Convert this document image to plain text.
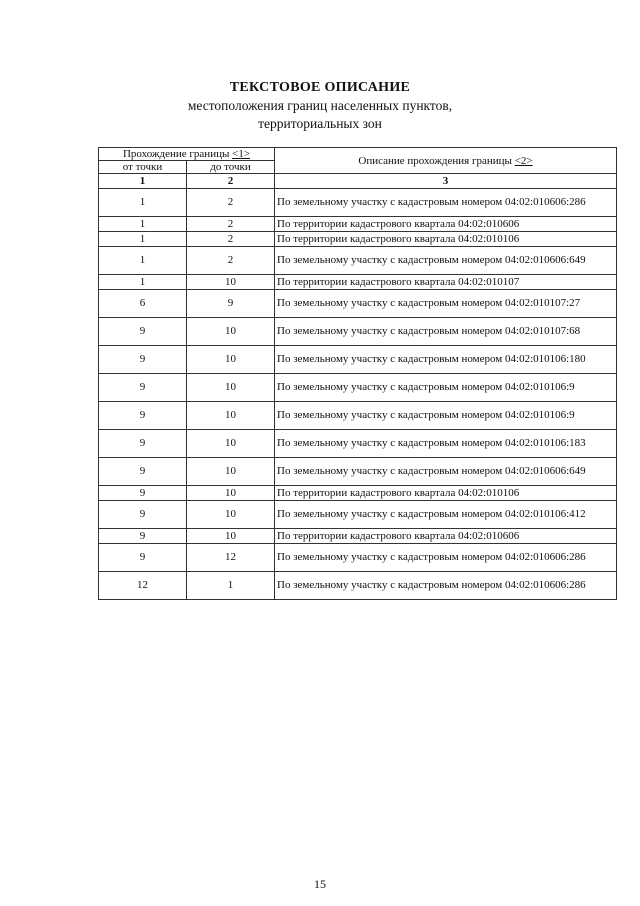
ТЕКСТОВОЕ ОПИСАНИЕ
местоположения границ населенных пунктов,
территориальных зон
Прохождение границы <1>		Описание прохождения границы <2>
от точки	до точки	
1	2	3
1	2	По земельному участку с кадастровым номером 04:02:010606:286
1	2	По территории кадастрового квартала 04:02:010606
1	2	По территории кадастрового квартала 04:02:010106
1	2	По земельному участку с кадастровым номером 04:02:010606:649
1	10	По территории кадастрового квартала 04:02:010107
6	9	По земельному участку с кадастровым номером 04:02:010107:27
9	10	По земельному участку с кадастровым номером 04:02:010107:68
9	10	По земельному участку с кадастровым номером 04:02:010106:180
9	10	По земельному участку с кадастровым номером 04:02:010106:9
9	10	По земельному участку с кадастровым номером 04:02:010106:9
9	10	По земельному участку с кадастровым номером 04:02:010106:183
9	10	По земельному участку с кадастровым номером 04:02:010606:649
9	10	По территории кадастрового квартала 04:02:010106
9	10	По земельному участку с кадастровым номером 04:02:010106:412
9	10	По территории кадастрового квартала 04:02:010606
9	12	По земельному участку с кадастровым номером 04:02:010606:286
12	1	По земельному участку с кадастровым номером 04:02:010606:286
15
